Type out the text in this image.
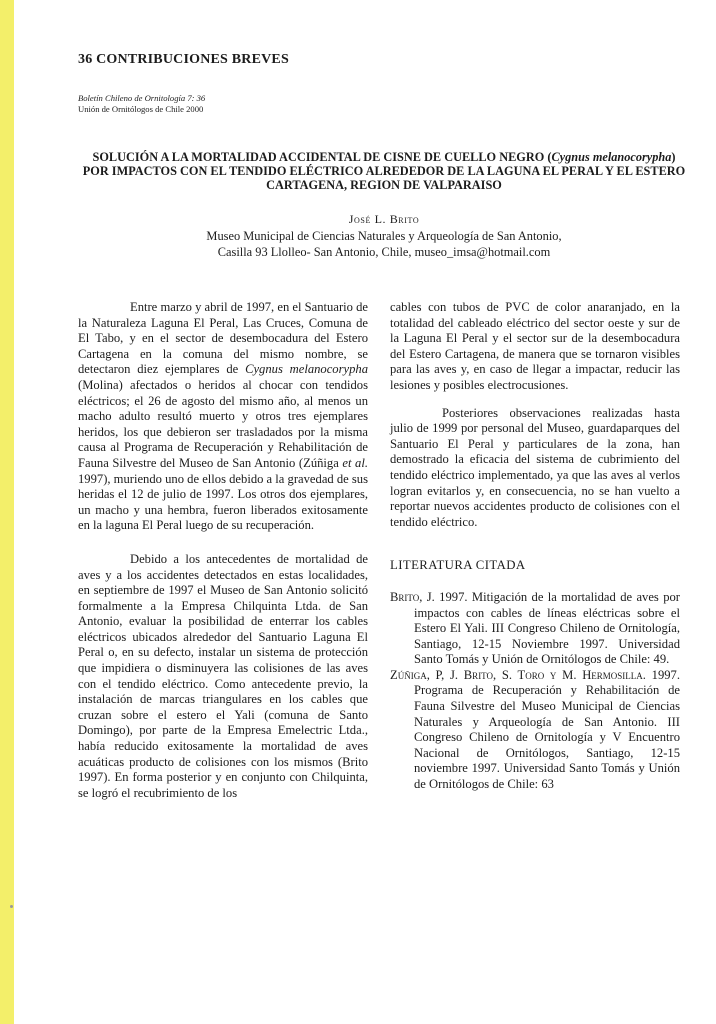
36 CONTRIBUCIONES BREVES
Boletín Chileno de Ornitología 7: 36
Unión de Ornitólogos de Chile 2000
SOLUCIÓN A LA MORTALIDAD ACCIDENTAL DE CISNE DE CUELLO NEGRO (Cygnus melanocorypha) POR IMPACTOS CON EL TENDIDO ELÉCTRICO ALREDEDOR DE LA LAGUNA EL PERAL Y EL ESTERO CARTAGENA, REGION DE VALPARAISO
José L. Brito
Museo Municipal de Ciencias Naturales y Arqueología de San Antonio,
Casilla 93 Llolleo- San Antonio, Chile, museo_imsa@hotmail.com

Entre marzo y abril de 1997, en el Santuario de la Naturaleza Laguna El Peral, Las Cruces, Comuna de El Tabo, y en el sector de desembocadura del Estero Cartagena en la comuna del mismo nombre, se detectaron diez ejemplares de Cygnus melanocorypha (Molina) afectados o heridos al chocar con tendidos eléctricos; el 26 de agosto del mismo año, al menos un macho adulto resultó muerto y otros tres ejemplares heridos, los que debieron ser trasladados por la misma causa al Programa de Recuperación y Rehabilitación de Fauna Silvestre del Museo de San Antonio (Zúñiga et al. 1997), muriendo uno de ellos debido a la gravedad de sus heridas el 12 de julio de 1997. Los otros dos ejemplares, un macho y una hembra, fueron liberados exitosamente en la laguna El Peral luego de su recuperación.

Debido a los antecedentes de mortalidad de aves y a los accidentes detectados en estas localidades, en septiembre de 1997 el Museo de San Antonio solicitó formalmente a la Empresa Chilquinta Ltda. de San Antonio, evaluar la posibilidad de enterrar los cables eléctricos ubicados alrededor del Santuario Laguna El Peral o, en su defecto, instalar un sistema de protección que impidiera o disminuyera las colisiones de las aves con el tendido eléctrico. Como antecedente previo, la instalación de marcas triangulares en los cables que cruzan sobre el estero el Yali (comuna de Santo Domingo), por parte de la Empresa Emelectric Ltda., había reducido exitosamente la mortalidad de aves acuáticas producto de colisiones con los mismos (Brito 1997). En forma posterior y en conjunto con Chilquinta, se logró el recubrimiento de los

cables con tubos de PVC de color anaranjado, en la totalidad del cableado eléctrico del sector oeste y sur de la Laguna El Peral y el sector sur de la desembocadura del Estero Cartagena, de manera que se tornaron visibles para las aves y, en caso de llegar a impactar, reducir las lesiones y posibles electrocusiones.

Posteriores observaciones realizadas hasta julio de 1999 por personal del Museo, guardaparques del Santuario El Peral y particulares de la zona, han demostrado la eficacia del sistema de cubrimiento del tendido eléctrico implementado, ya que las aves al verlos logran evitarlos y, en consecuencia, no se han vuelto a reportar nuevos accidentes producto de colisiones con el tendido eléctrico.

LITERATURA CITADA

Brito, J. 1997. Mitigación de la mortalidad de aves por impactos con cables de líneas eléctricas sobre el Estero El Yali. III Congreso Chileno de Ornitología, Santiago, 12-15 Noviembre 1997. Universidad Santo Tomás y Unión de Ornitólogos de Chile: 49.

Zúñiga, P, J. Brito, S. Toro y M. Hermosilla. 1997. Programa de Recuperación y Rehabilitación de Fauna Silvestre del Museo Municipal de Ciencias Naturales y Arqueología de San Antonio. III Congreso Chileno de Ornitología y V Encuentro Nacional de Ornitólogos, Santiago, 12-15 noviembre 1997. Universidad Santo Tomás y Unión de Ornitólogos de Chile: 63
